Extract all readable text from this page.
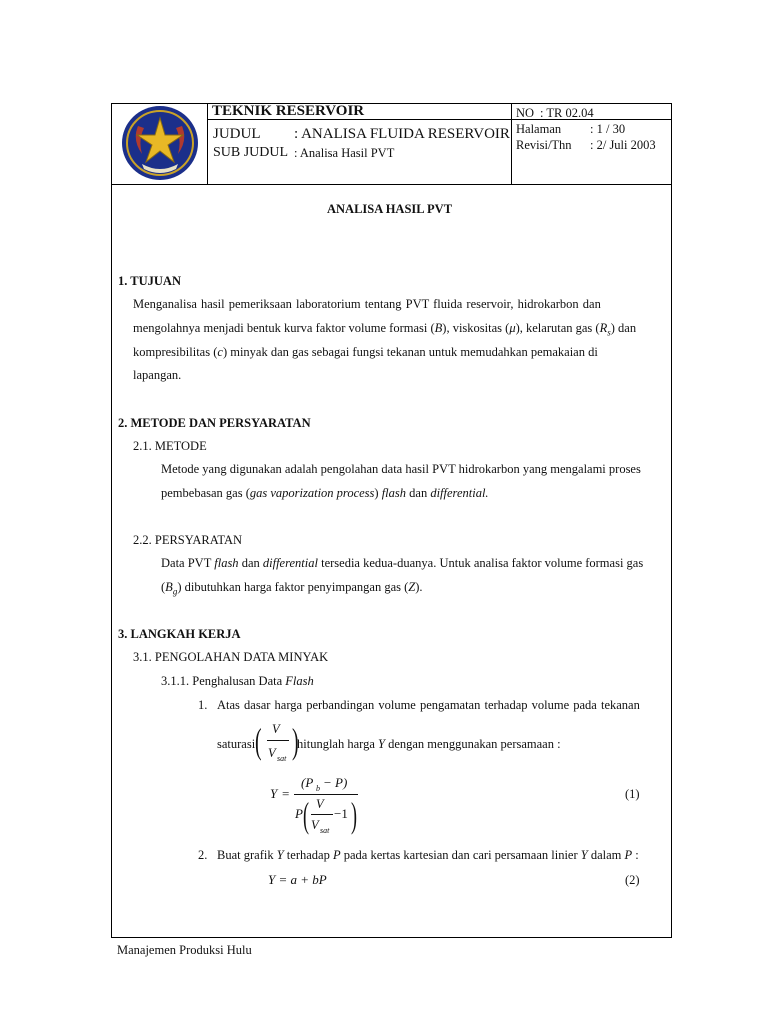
TEKNIK RESERVOIR
JUDUL : ANALISA FLUIDA RESERVOIR
SUB JUDUL : Analisa Hasil PVT
NO : TR 02.04
Halaman : 1 / 30
Revisi/Thn : 2/ Juli 2003
ANALISA HASIL PVT
1. TUJUAN
Menganalisa hasil pemeriksaan laboratorium tentang PVT fluida reservoir, hidrokarbon dan
mengolahnya menjadi bentuk kurva faktor volume formasi (B), viskositas (μ), kelarutan gas $(R_s)$ dan
kompresibilitas (c) minyak dan gas sebagai fungsi tekanan untuk memudahkan pemakaian di
lapangan.
2. METODE DAN PERSYARATAN
2.1. METODE
Metode yang digunakan adalah pengolahan data hasil PVT hidrokarbon yang mengalami proses
pembebasan gas (gas vaporization process) flash dan differential.
2.2. PERSYARATAN
Data PVT flash dan differential tersedia kedua-duanya. Untuk analisa faktor volume formasi gas
$(B_g)$ dibutuhkan harga faktor penyimpangan gas (Z).
3. LANGKAH KERJA
3.1. PENGOLAHAN DATA MINYAK
3.1.1. Penghalusan Data Flash
1. Atas dasar harga perbandingan volume pengamatan terhadap volume pada tekanan
saturasi ( V
V sat )
hitunglah harga Y dengan menggunakan persamaan :
Y =
(P b − P)
P ( V
V sat
−1 )
(1)
2. Buat grafik Y terhadap P pada kertas kartesian dan cari persamaan linier Y dalam P :
Y = a + bP	(2)
Manajemen Produksi Hulu
